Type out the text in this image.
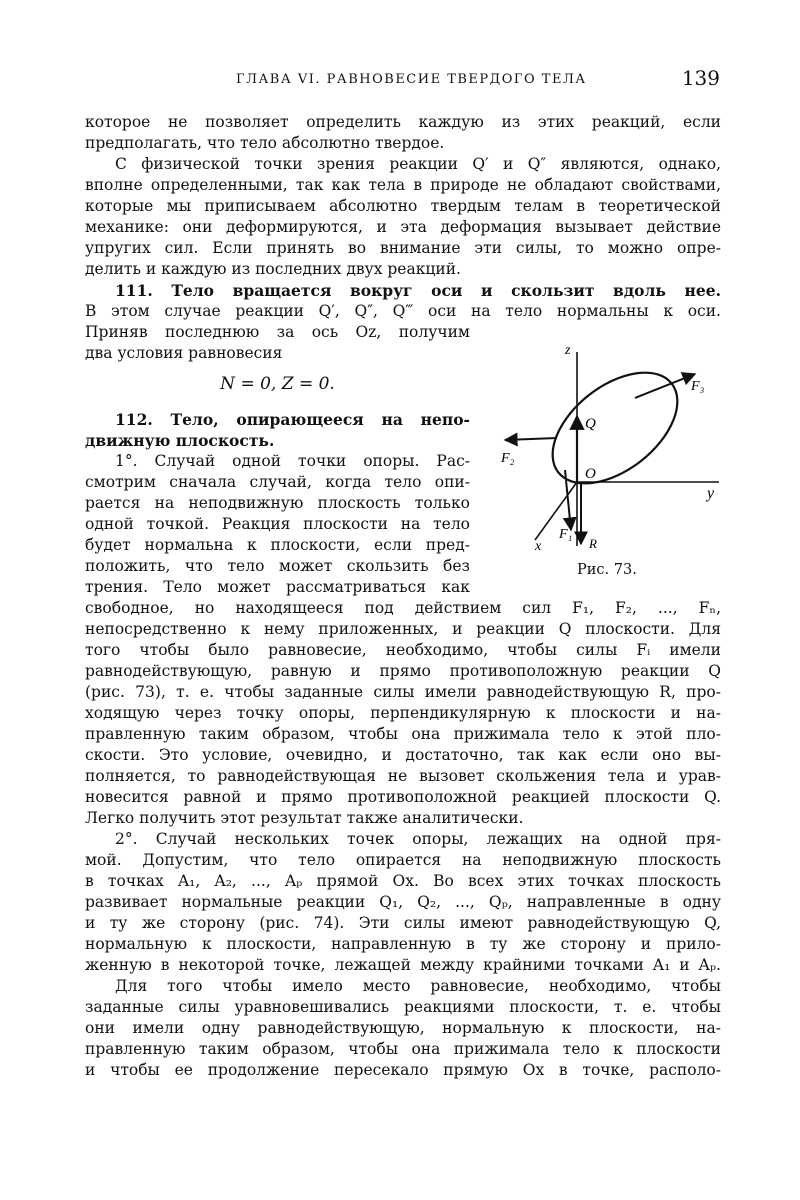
ГЛАВА VI. РАВНОВЕСИЕ ТВЕРДОГО ТЕЛА	139
которое не позволяет определить каждую из этих реакций, если
предполагать, что тело абсолютно твердое.
С физической точки зрения реакции Q′ и Q″ являются, однако,
вполне определенными, так как тела в природе не обладают свойствами,
которые мы приписываем абсолютно твердым телам в теоретической
механике: они деформируются, и эта деформация вызывает действие
упругих сил. Если принять во внимание эти силы, то можно опре-
делить и каждую из последних двух реакций.
111. Тело вращается вокруг оси и скользит вдоль нее.
В этом случае реакции Q′, Q″, Q‴ оси на тело нормальны к оси.
Приняв последнюю за ось Oz, получим
два условия равновесия
N = 0, Z = 0.
112. Тело, опирающееся на непо-
движную плоскость.
1°. Случай одной точки опоры. Рас-
смотрим сначала случай, когда тело опи-
рается на неподвижную плоскость только
одной точкой. Реакция плоскости на тело
будет нормальна к плоскости, если пред-
положить, что тело может скользить без
трения. Тело может рассматриваться как
свободное, но находящееся под действием сил F₁, F₂, ..., Fₙ,
непосредственно к нему приложенных, и реакции Q плоскости. Для
того чтобы было равновесие, необходимо, чтобы силы Fᵢ имели
равнодействующую, равную и прямо противоположную реакции Q
(рис. 73), т. е. чтобы заданные силы имели равнодействующую R, про-
ходящую через точку опоры, перпендикулярную к плоскости и на-
правленную таким образом, чтобы она прижимала тело к этой пло-
скости. Это условие, очевидно, и достаточно, так как если оно вы-
полняется, то равнодействующая не вызовет скольжения тела и урав-
новесится равной и прямо противоположной реакцией плоскости Q.
Легко получить этот результат также аналитически.
2°. Случай нескольких точек опоры, лежащих на одной пря-
мой. Допустим, что тело опирается на неподвижную плоскость
в точках A₁, A₂, ..., Aₚ прямой Ox. Во всех этих точках плоскость
развивает нормальные реакции Q₁, Q₂, ..., Qₚ, направленные в одну
и ту же сторону (рис. 74). Эти силы имеют равнодействующую Q,
нормальную к плоскости, направленную в ту же сторону и прило-
женную в некоторой точке, лежащей между крайними точками A₁ и Aₚ.
Для того чтобы имело место равновесие, необходимо, чтобы
заданные силы уравновешивались реакциями плоскости, т. е. чтобы
они имели одну равнодействующую, нормальную к плоскости, на-
правленную таким образом, чтобы она прижимала тело к плоскости
и чтобы ее продолжение пересекало прямую Ox в точке, располо-
z
y
x
Q
O
F₁
F₂
F₃
R
Рис. 73.
